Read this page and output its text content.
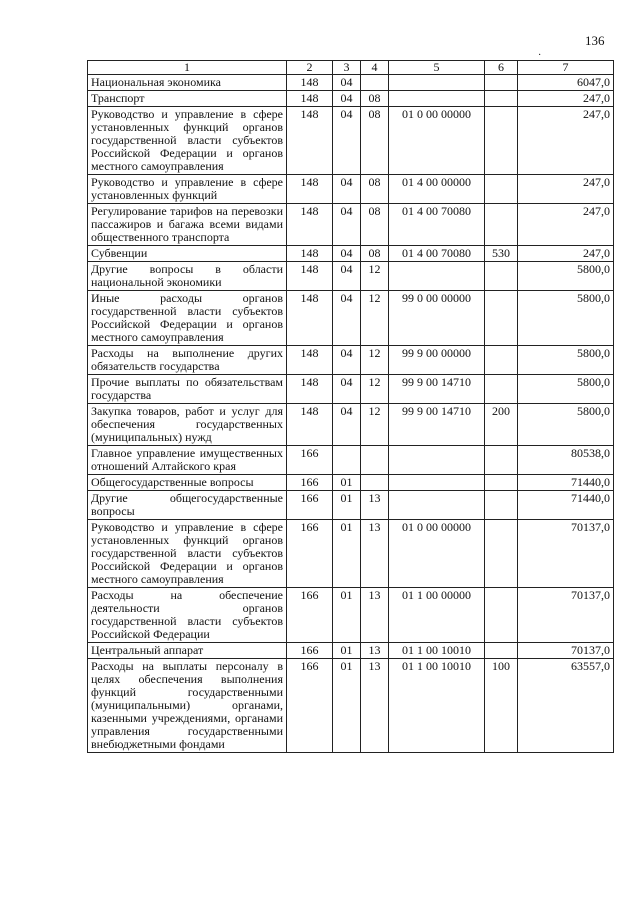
136
·
1	2	3	4	5	6	7
Национальная экономика	148	04				6047,0
Транспорт	148	04	08			247,0
Руководство и управление в сфере установленных функций органов государственной власти субъектов Российской Федерации и органов местного самоуправления	148	04	08	01 0 00 00000		247,0
Руководство и управление в сфере установленных функций	148	04	08	01 4 00 00000		247,0
Регулирование тарифов на перевозки пассажиров и багажа всеми видами общественного транспорта	148	04	08	01 4 00 70080		247,0
Субвенции	148	04	08	01 4 00 70080	530	247,0
Другие вопросы в области национальной экономики	148	04	12			5800,0
Иные расходы органов государственной власти субъектов Российской Федерации и органов местного самоуправления	148	04	12	99 0 00 00000		5800,0
Расходы на выполнение других обязательств государства	148	04	12	99 9 00 00000		5800,0
Прочие выплаты по обязательствам государства	148	04	12	99 9 00 14710		5800,0
Закупка товаров, работ и услуг для обеспечения государственных (муниципальных) нужд	148	04	12	99 9 00 14710	200	5800,0
Главное управление имущественных отношений Алтайского края	166					80538,0
Общегосударственные вопросы	166	01				71440,0
Другие общегосударственные вопросы	166	01	13			71440,0
Руководство и управление в сфере установленных функций органов государственной власти субъектов Российской Федерации и органов местного самоуправления	166	01	13	01 0 00 00000		70137,0
Расходы на обеспечение деятельности органов государственной власти субъектов Российской Федерации	166	01	13	01 1 00 00000		70137,0
Центральный аппарат	166	01	13	01 1 00 10010		70137,0
Расходы на выплаты персоналу в целях обеспечения выполнения функций государственными (муниципальными) органами, казенными учреждениями, органами управления государственными внебюджетными фондами	166	01	13	01 1 00 10010	100	63557,0
